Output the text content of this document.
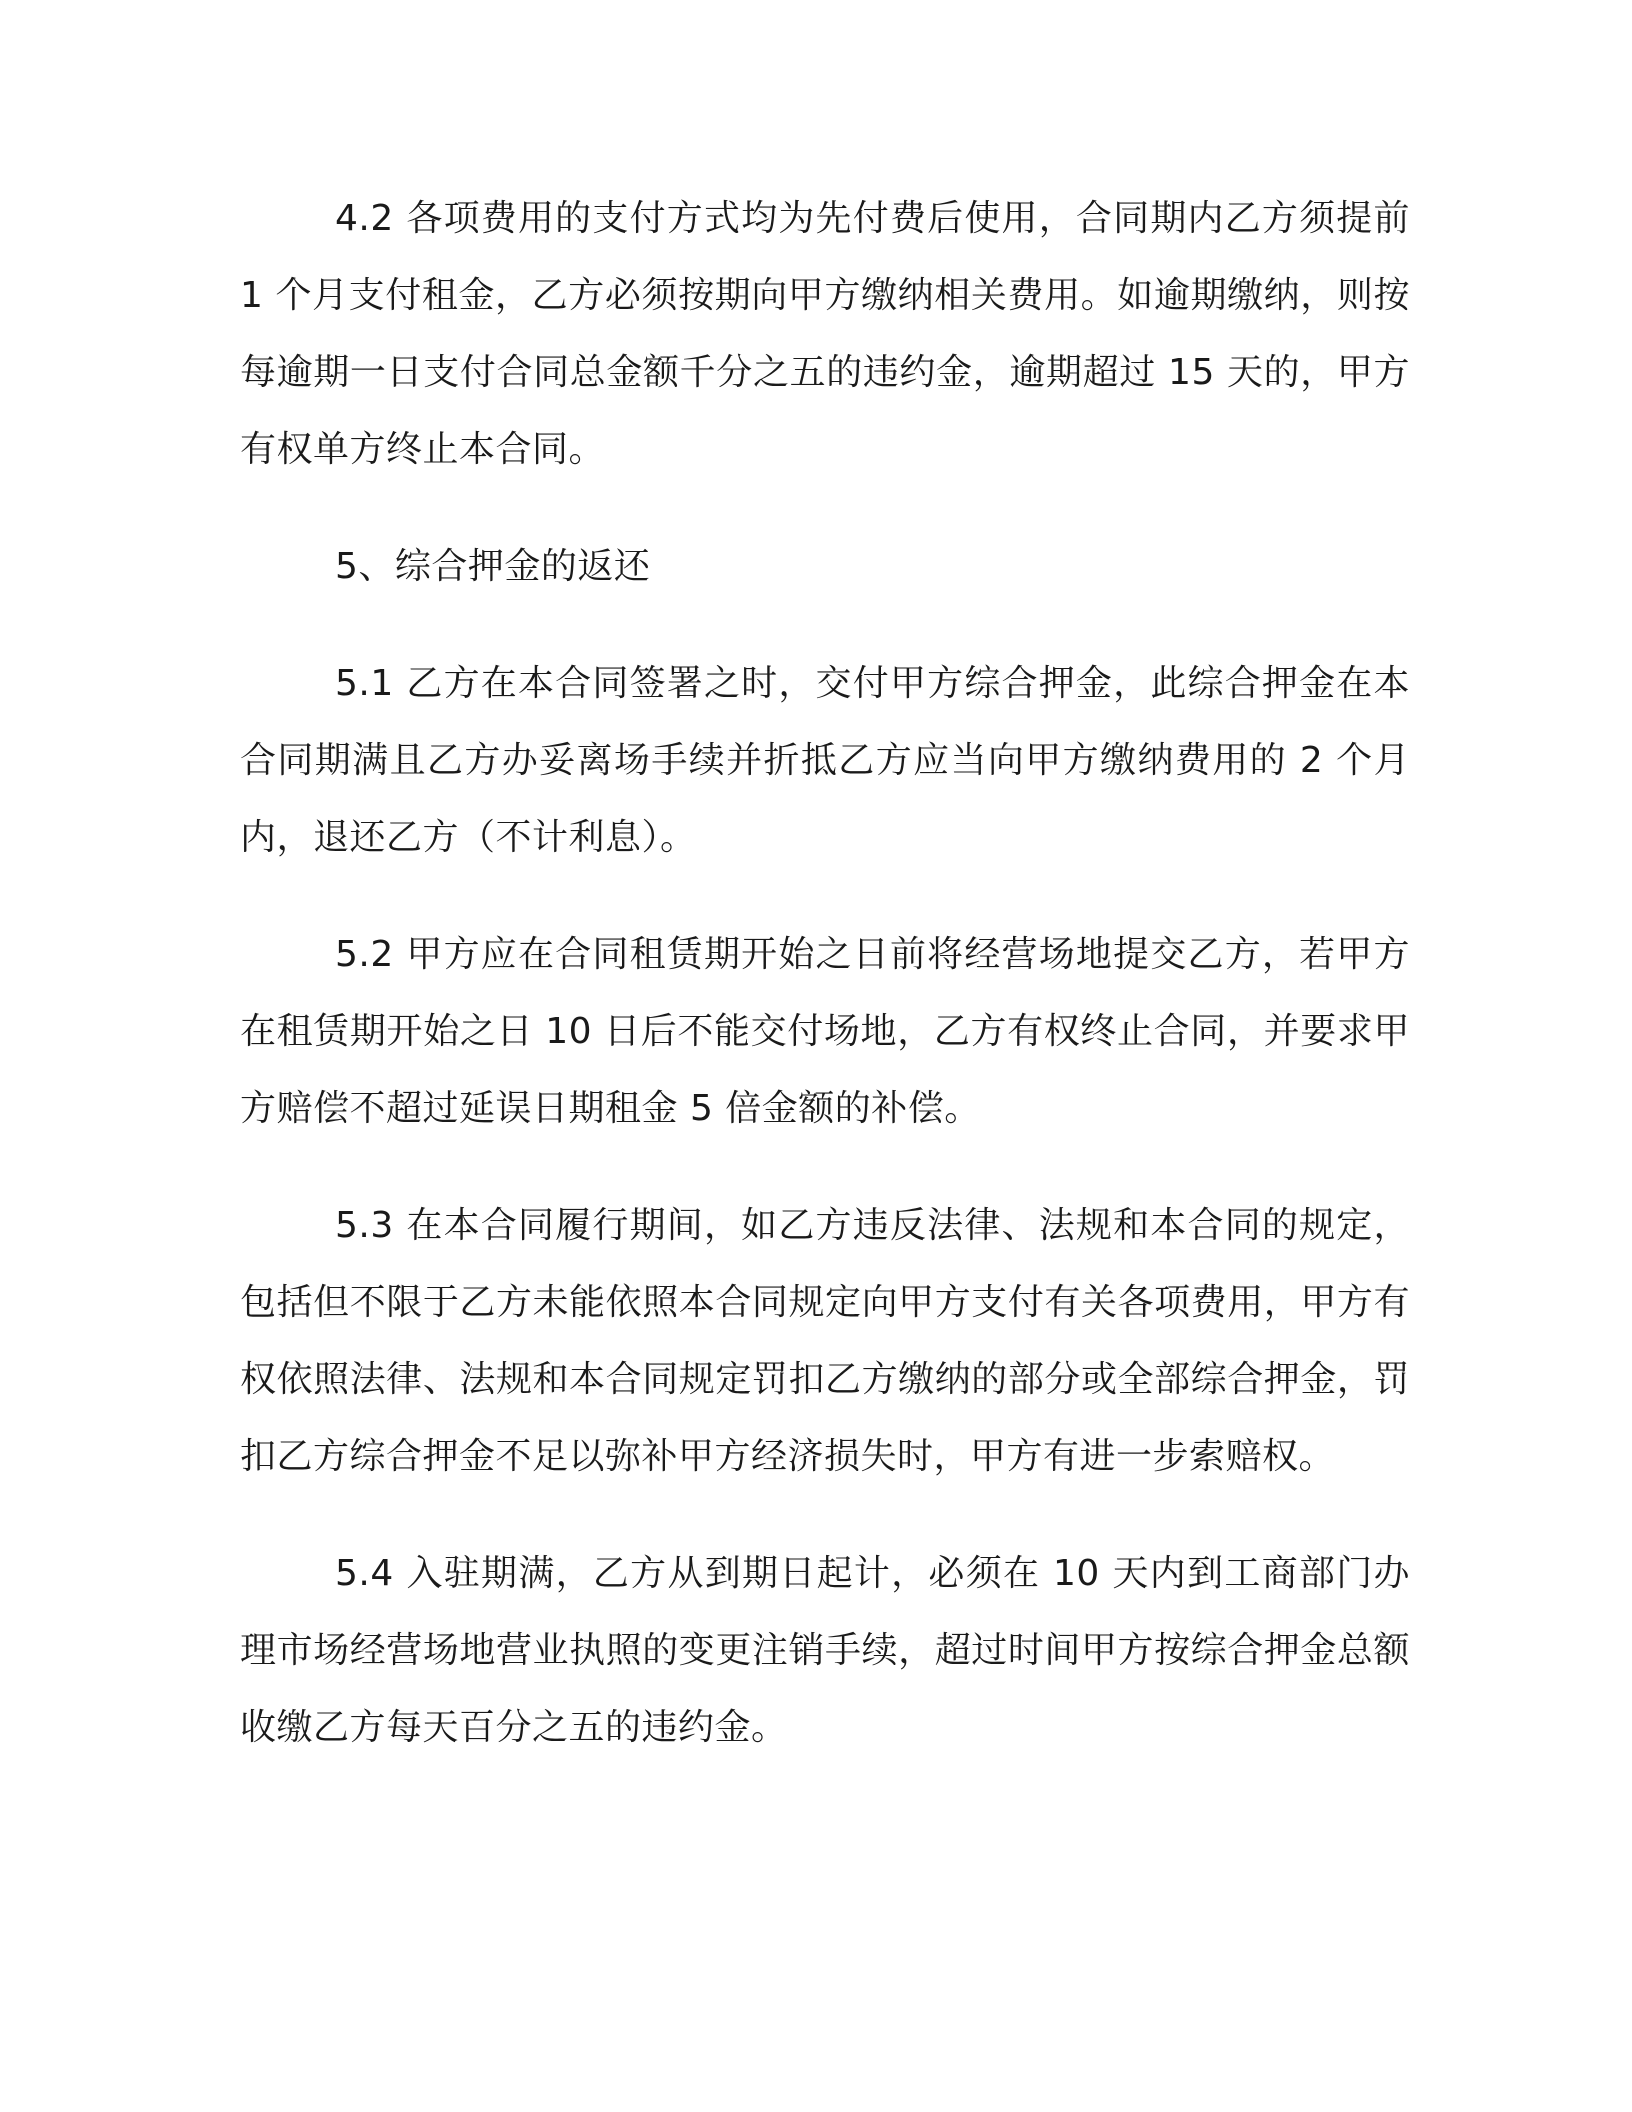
4.2 各项费用的支付方式均为先付费后使用，合同期内乙方须提前 1 个月支付租金，乙方必须按期向甲方缴纳相关费用。如逾期缴纳，则按每逾期一日支付合同总金额千分之五的违约金，逾期超过 15 天的，甲方有权单方终止本合同。

5、综合押金的返还

5.1 乙方在本合同签署之时，交付甲方综合押金，此综合押金在本合同期满且乙方办妥离场手续并折抵乙方应当向甲方缴纳费用的 2 个月内，退还乙方（不计利息）。

5.2 甲方应在合同租赁期开始之日前将经营场地提交乙方，若甲方在租赁期开始之日 10 日后不能交付场地，乙方有权终止合同，并要求甲方赔偿不超过延误日期租金 5 倍金额的补偿。

5.3 在本合同履行期间，如乙方违反法律、法规和本合同的规定，包括但不限于乙方未能依照本合同规定向甲方支付有关各项费用，甲方有权依照法律、法规和本合同规定罚扣乙方缴纳的部分或全部综合押金，罚扣乙方综合押金不足以弥补甲方经济损失时，甲方有进一步索赔权。

5.4 入驻期满，乙方从到期日起计，必须在 10 天内到工商部门办理市场经营场地营业执照的变更注销手续，超过时间甲方按综合押金总额收缴乙方每天百分之五的违约金。
